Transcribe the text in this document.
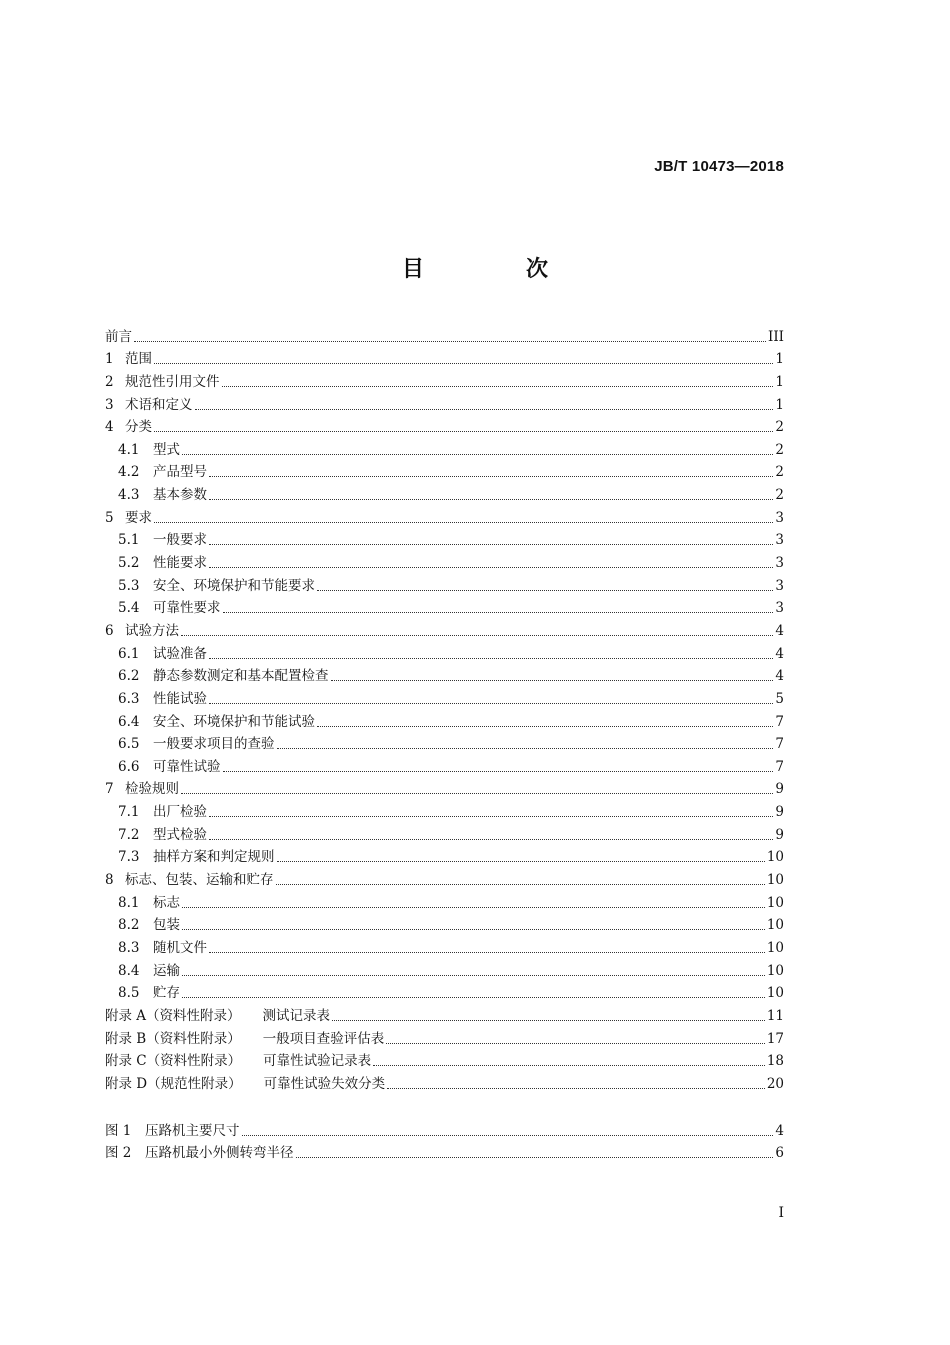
JB/T 10473—2018
目　次
前言	III
1 范围	1
2 规范性引用文件	1
3 术语和定义	1
4 分类	2
4.1	型式	2
4.2	产品型号	2
4.3	基本参数	2
5 要求	3
5.1	一般要求	3
5.2	性能要求	3
5.3	安全、环境保护和节能要求	3
5.4	可靠性要求	3
6 试验方法	4
6.1	试验准备	4
6.2	静态参数测定和基本配置检查	4
6.3	性能试验	5
6.4	安全、环境保护和节能试验	7
6.5	一般要求项目的查验	7
6.6	可靠性试验	7
7 检验规则	9
7.1	出厂检验	9
7.2	型式检验	9
7.3	抽样方案和判定规则	10
8 标志、包装、运输和贮存	10
8.1	标志	10
8.2	包装	10
8.3	随机文件	10
8.4	运输	10
8.5	贮存	10
附录 A（资料性附录） 测试记录表	11
附录 B（资料性附录） 一般项目查验评估表	17
附录 C（资料性附录） 可靠性试验记录表	18
附录 D（规范性附录） 可靠性试验失效分类	20
图 1	压路机主要尺寸	4
图 2	压路机最小外侧转弯半径	6
I
